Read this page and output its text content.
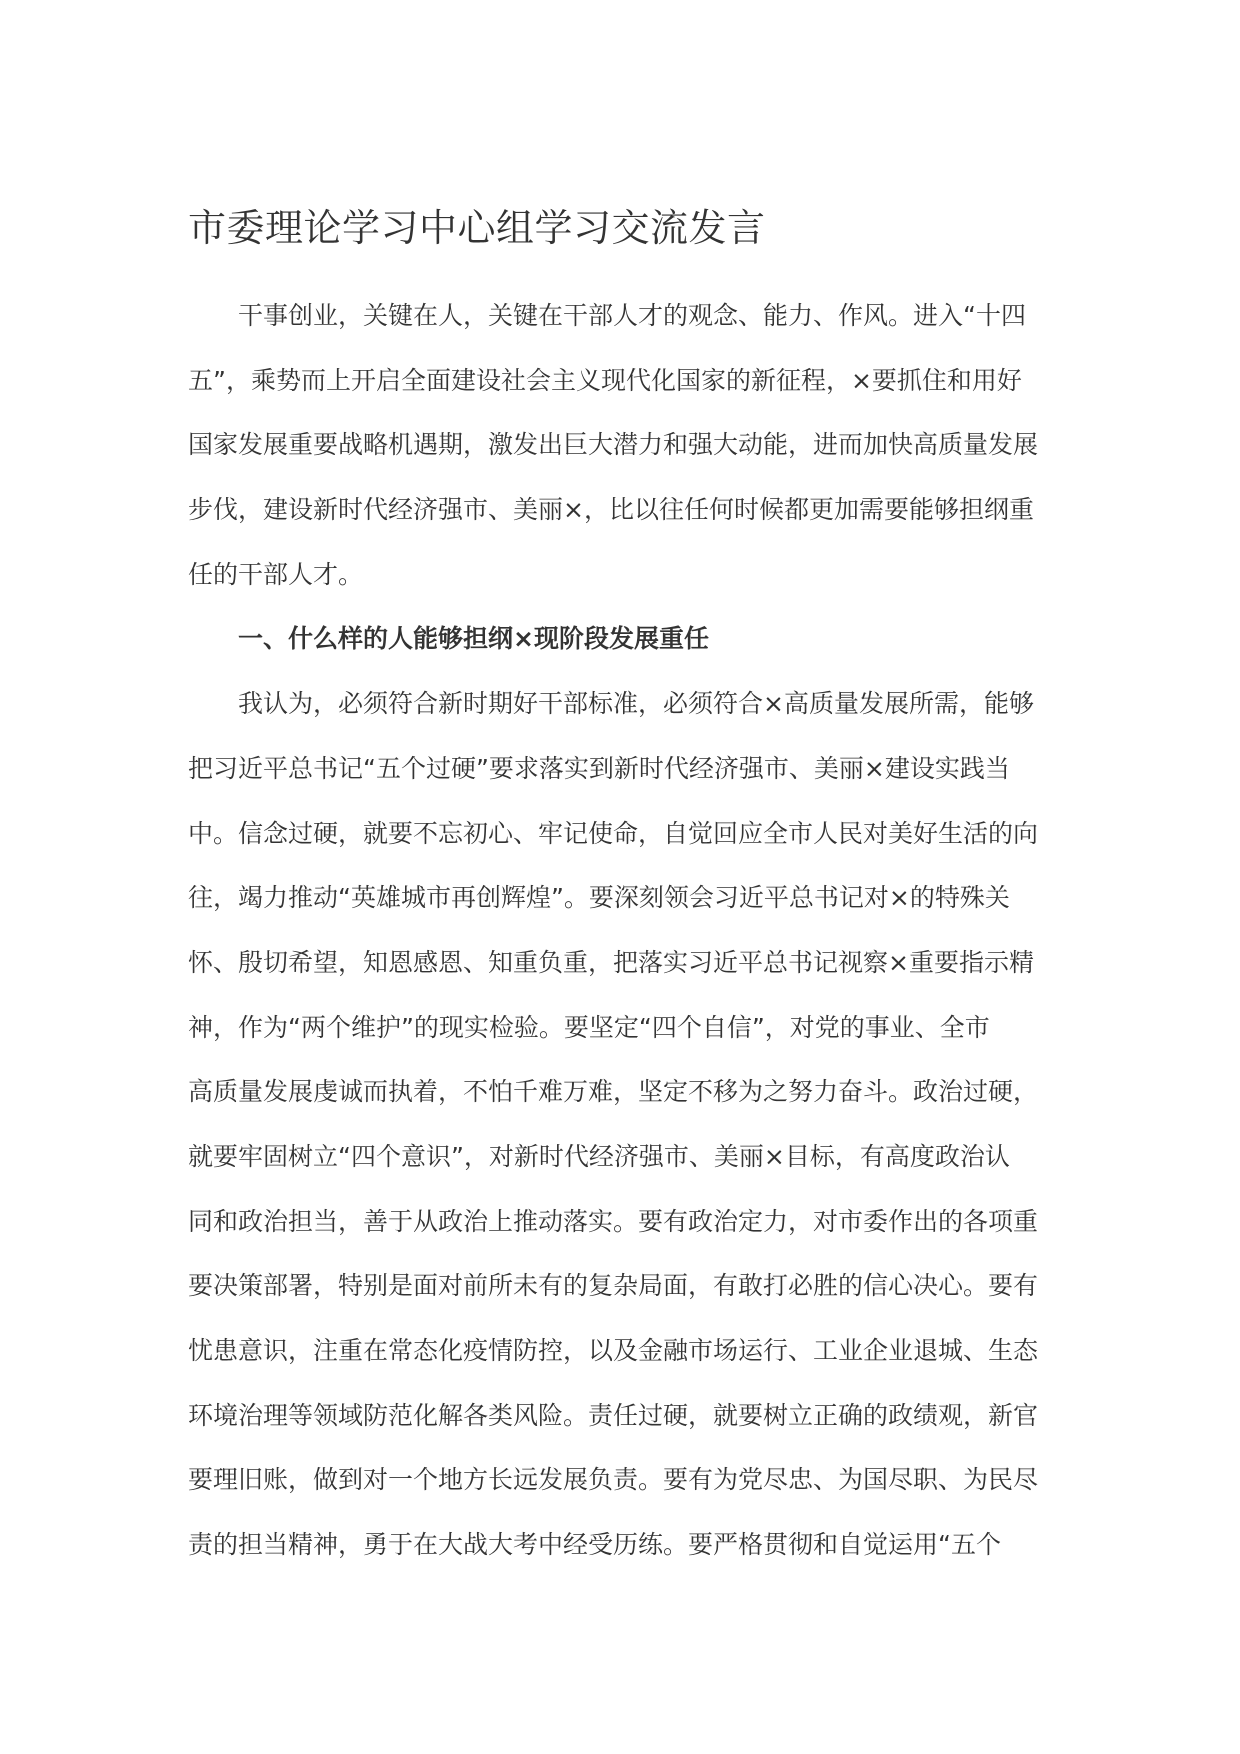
市委理论学习中心组学习交流发言
干事创业，关键在人，关键在干部人才的观念、能力、作风。进入“十四
五”，乘势而上开启全面建设社会主义现代化国家的新征程，×要抓住和用好
国家发展重要战略机遇期，激发出巨大潜力和强大动能，进而加快高质量发展
步伐，建设新时代经济强市、美丽×，比以往任何时候都更加需要能够担纲重
任的干部人才。
一、什么样的人能够担纲×现阶段发展重任
我认为，必须符合新时期好干部标准，必须符合×高质量发展所需，能够
把习近平总书记“五个过硬”要求落实到新时代经济强市、美丽×建设实践当
中。信念过硬，就要不忘初心、牢记使命，自觉回应全市人民对美好生活的向
往，竭力推动“英雄城市再创辉煌”。要深刻领会习近平总书记对×的特殊关
怀、殷切希望，知恩感恩、知重负重，把落实习近平总书记视察×重要指示精
神，作为“两个维护”的现实检验。要坚定“四个自信”，对党的事业、全市
高质量发展虔诚而执着，不怕千难万难，坚定不移为之努力奋斗。政治过硬，
就要牢固树立“四个意识”，对新时代经济强市、美丽×目标，有高度政治认
同和政治担当，善于从政治上推动落实。要有政治定力，对市委作出的各项重
要决策部署，特别是面对前所未有的复杂局面，有敢打必胜的信心决心。要有
忧患意识，注重在常态化疫情防控，以及金融市场运行、工业企业退城、生态
环境治理等领域防范化解各类风险。责任过硬，就要树立正确的政绩观，新官
要理旧账，做到对一个地方长远发展负责。要有为党尽忠、为国尽职、为民尽
责的担当精神，勇于在大战大考中经受历练。要严格贯彻和自觉运用“五个
